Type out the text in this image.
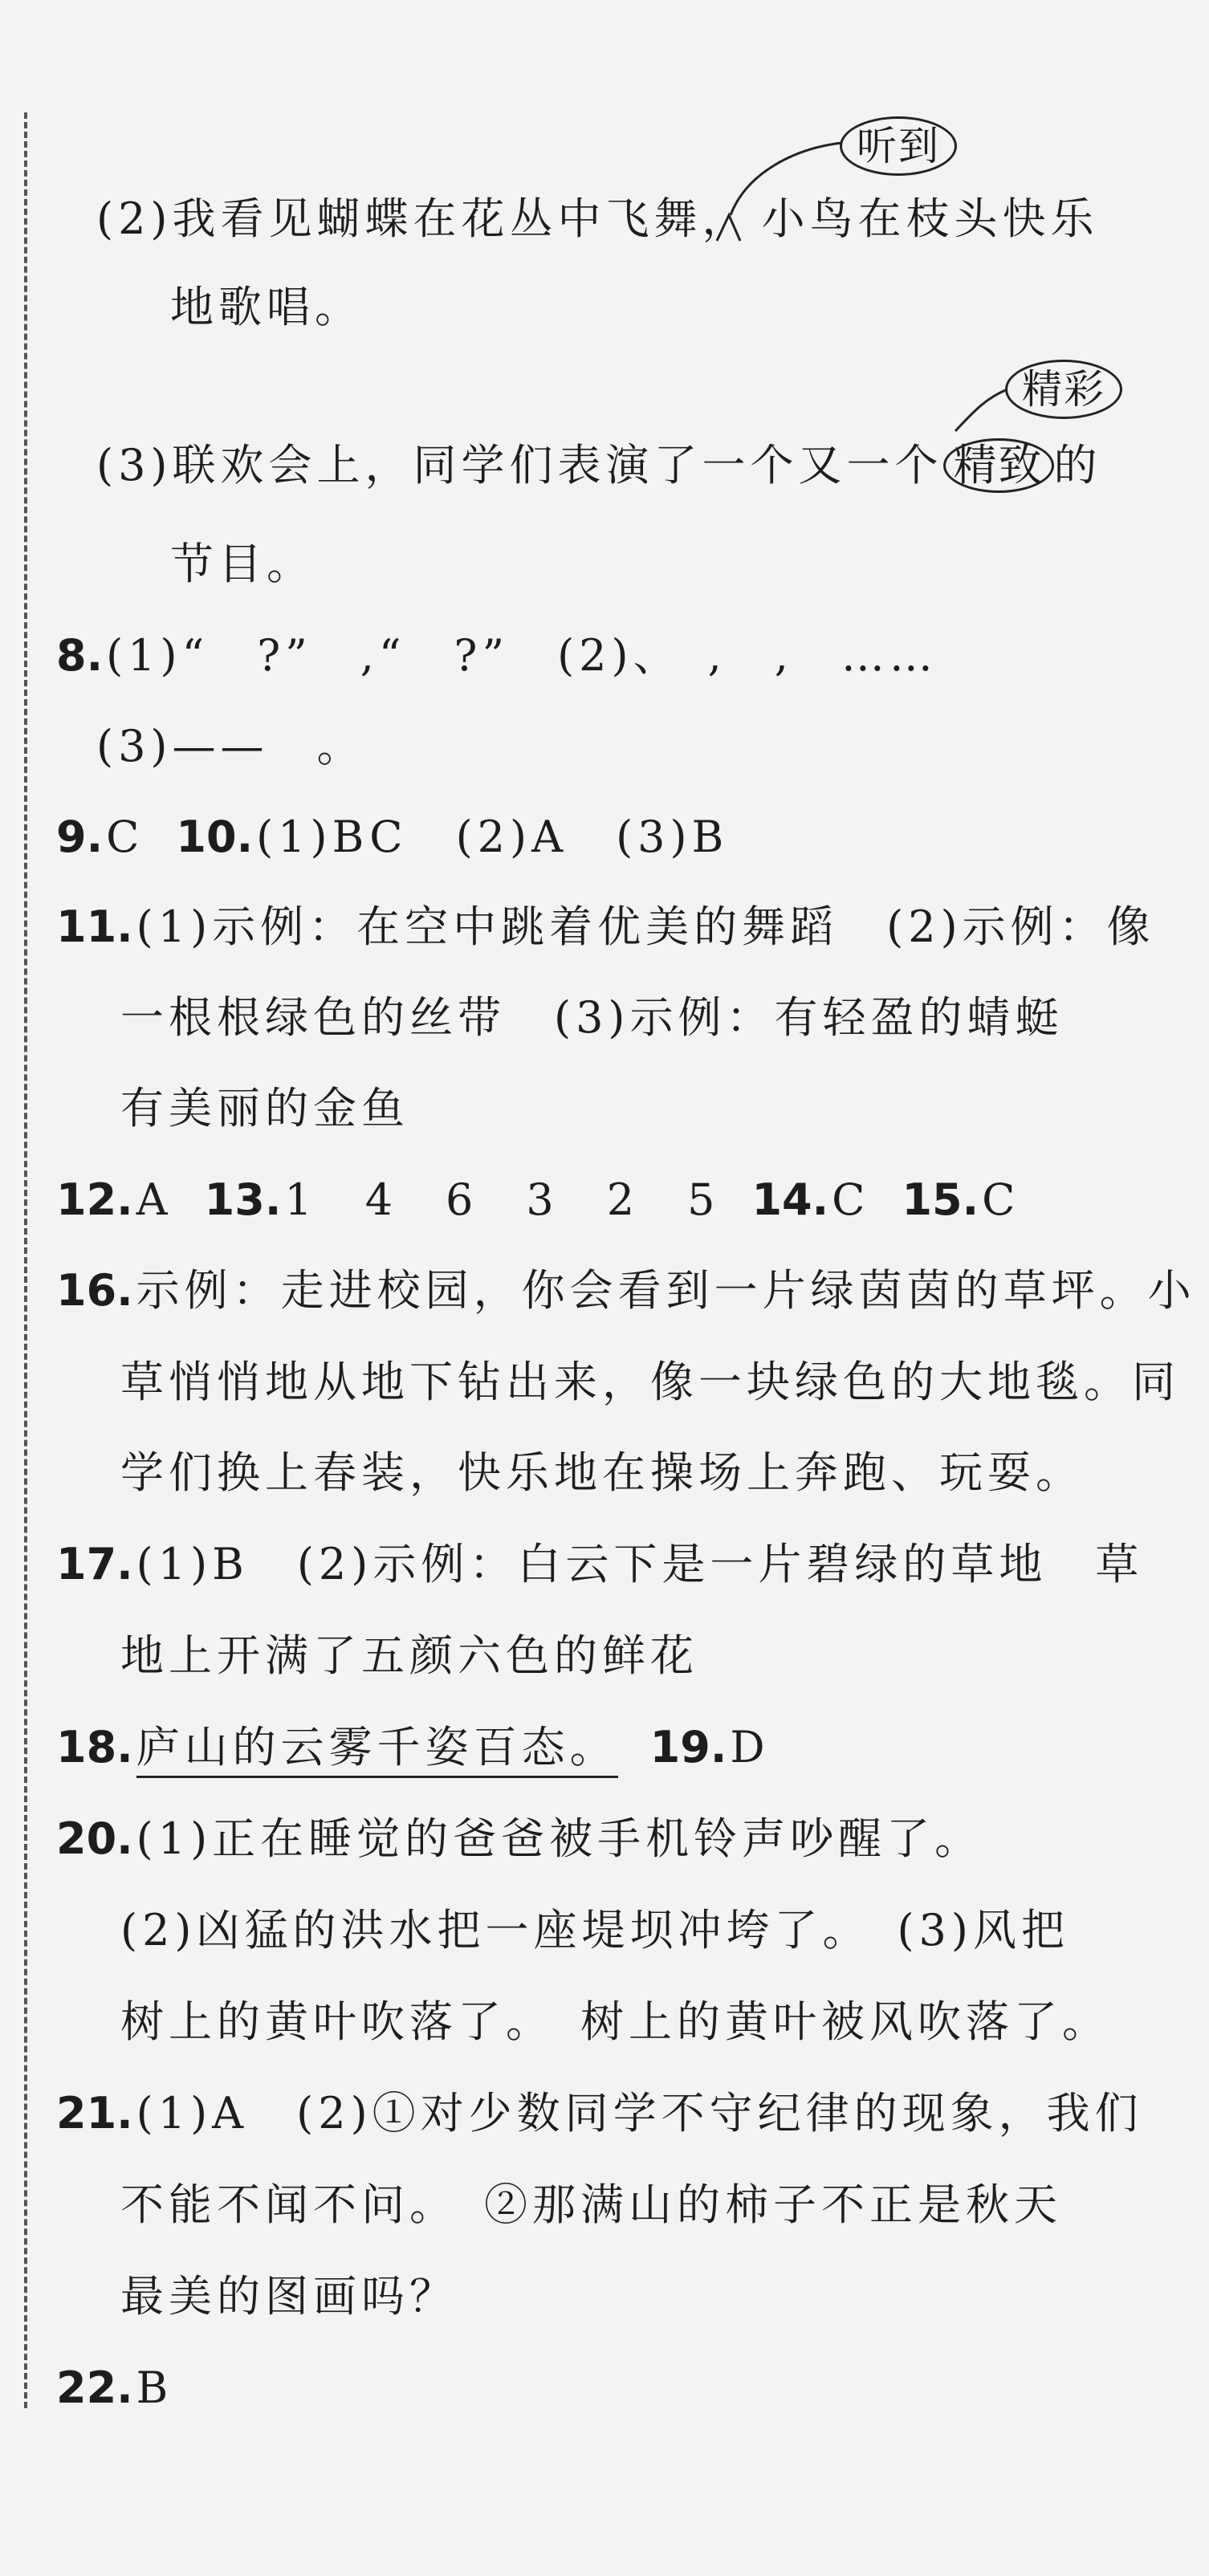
听到
(2)我看见蝴蝶在花丛中飞舞， 小鸟在枝头快乐
地歌唱。
精彩
(3)联欢会上，同学们表演了一个又一个 精致 的
节目。
8.(1)“　?”　,“　?”　(2)、　,　,　……
(3)——　。
9.C 10.(1)BC　(2)A　(3)B
11.(1)示例：在空中跳着优美的舞蹈　(2)示例：像
一根根绿色的丝带　(3)示例：有轻盈的蜻蜓
有美丽的金鱼
12.A 13.1　4　6　3　2　5 14.C 15.C
16.示例：走进校园，你会看到一片绿茵茵的草坪。小
草悄悄地从地下钻出来，像一块绿色的大地毯。同
学们换上春装，快乐地在操场上奔跑、玩耍。
17.(1)B　(2)示例：白云下是一片碧绿的草地　草
地上开满了五颜六色的鲜花
18.庐山的云雾千姿百态。 19.D
20.(1)正在睡觉的爸爸被手机铃声吵醒了。
(2)凶猛的洪水把一座堤坝冲垮了。　(3)风把
树上的黄叶吹落了。　树上的黄叶被风吹落了。
21.(1)A　(2)①对少数同学不守纪律的现象，我们
不能不闻不问。　②那满山的柿子不正是秋天
最美的图画吗？
22.B
